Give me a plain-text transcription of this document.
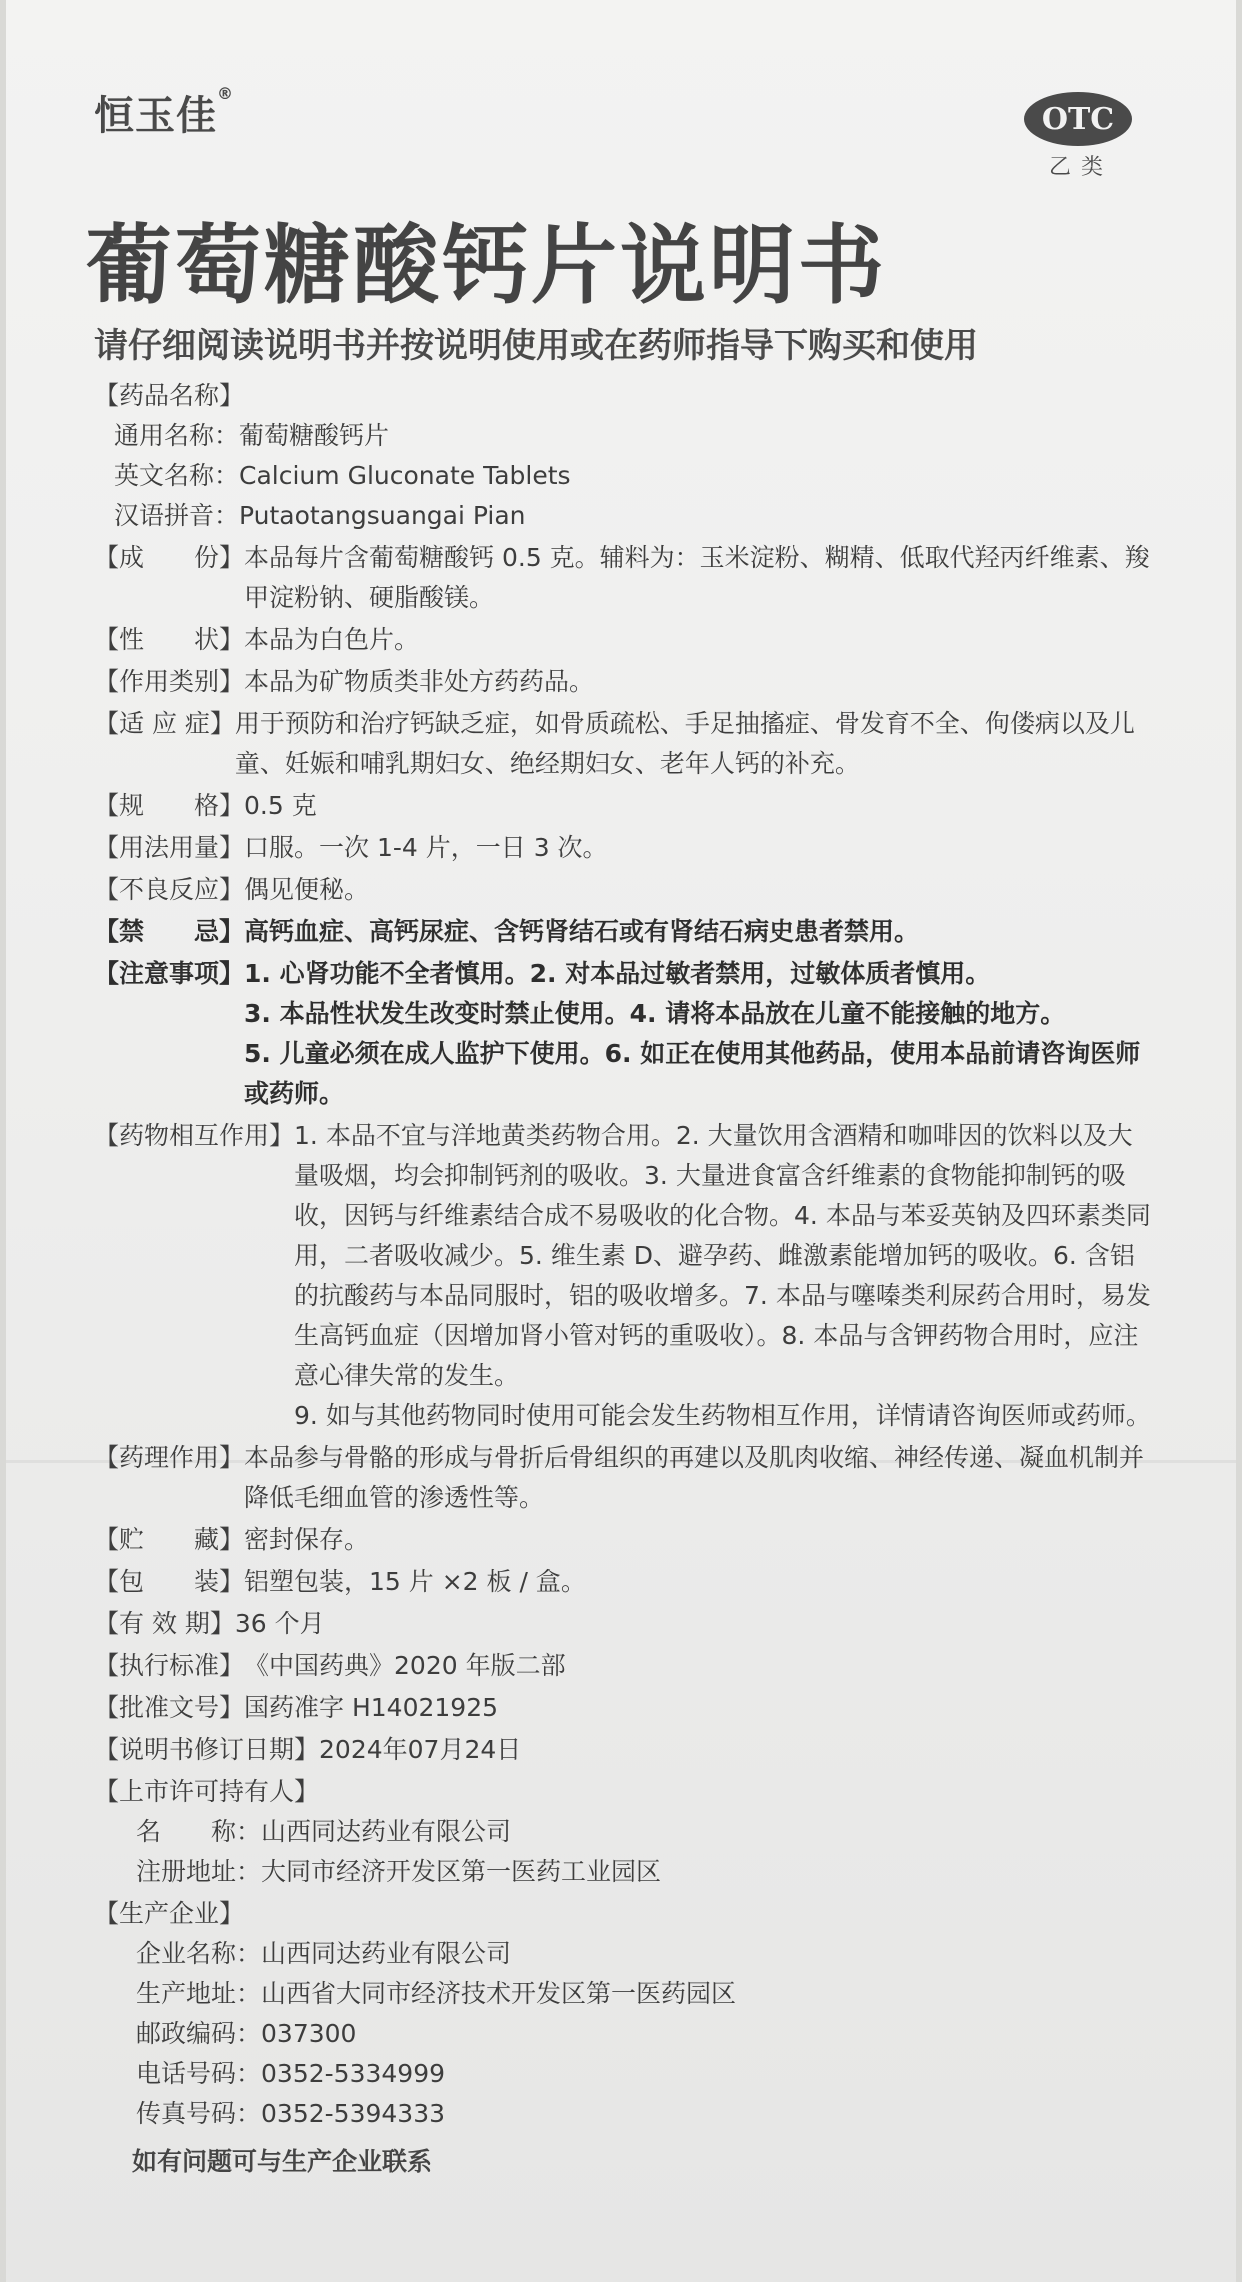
恒玉佳®
OTC
乙类
葡萄糖酸钙片说明书
请仔细阅读说明书并按说明使用或在药师指导下购买和使用
【药品名称】
通用名称： 葡萄糖酸钙片
英文名称： Calcium Gluconate Tablets
汉语拼音： Putaotangsuangai Pian
【成　　份】 本品每片含葡萄糖酸钙 0.5 克。辅料为：玉米淀粉、糊精、低取代羟丙纤维素、羧甲淀粉钠、硬脂酸镁。
【性　　状】 本品为白色片。
【作用类别】 本品为矿物质类非处方药药品。
【适 应 症】 用于预防和治疗钙缺乏症，如骨质疏松、手足抽搐症、骨发育不全、佝偻病以及儿童、妊娠和哺乳期妇女、绝经期妇女、老年人钙的补充。
【规　　格】 0.5 克
【用法用量】 口服。一次 1-4 片，一日 3 次。
【不良反应】 偶见便秘。
【禁　　忌】 高钙血症、高钙尿症、含钙肾结石或有肾结石病史患者禁用。
【注意事项】 1. 心肾功能不全者慎用。2. 对本品过敏者禁用，过敏体质者慎用。
3. 本品性状发生改变时禁止使用。4. 请将本品放在儿童不能接触的地方。
5. 儿童必须在成人监护下使用。6. 如正在使用其他药品，使用本品前请咨询医师或药师。
【药物相互作用】 1. 本品不宜与洋地黄类药物合用。2. 大量饮用含酒精和咖啡因的饮料以及大量吸烟，均会抑制钙剂的吸收。3. 大量进食富含纤维素的食物能抑制钙的吸收，因钙与纤维素结合成不易吸收的化合物。4. 本品与苯妥英钠及四环素类同用，二者吸收减少。5. 维生素 D、避孕药、雌激素能增加钙的吸收。6. 含铝的抗酸药与本品同服时，铝的吸收增多。7. 本品与噻嗪类利尿药合用时，易发生高钙血症（因增加肾小管对钙的重吸收）。8. 本品与含钾药物合用时，应注意心律失常的发生。
9. 如与其他药物同时使用可能会发生药物相互作用，详情请咨询医师或药师。
【药理作用】 本品参与骨骼的形成与骨折后骨组织的再建以及肌肉收缩、神经传递、凝血机制并降低毛细血管的渗透性等。
【贮　　藏】 密封保存。
【包　　装】 铝塑包装，15 片 ×2 板 / 盒。
【有 效 期】 36 个月
【执行标准】 《中国药典》2020 年版二部
【批准文号】 国药准字 H14021925
【说明书修订日期】 2024年07月24日
【上市许可持有人】
名　　称： 山西同达药业有限公司
注册地址： 大同市经济开发区第一医药工业园区
【生产企业】
企业名称： 山西同达药业有限公司
生产地址： 山西省大同市经济技术开发区第一医药园区
邮政编码： 037300
电话号码： 0352-5334999
传真号码： 0352-5394333
如有问题可与生产企业联系
